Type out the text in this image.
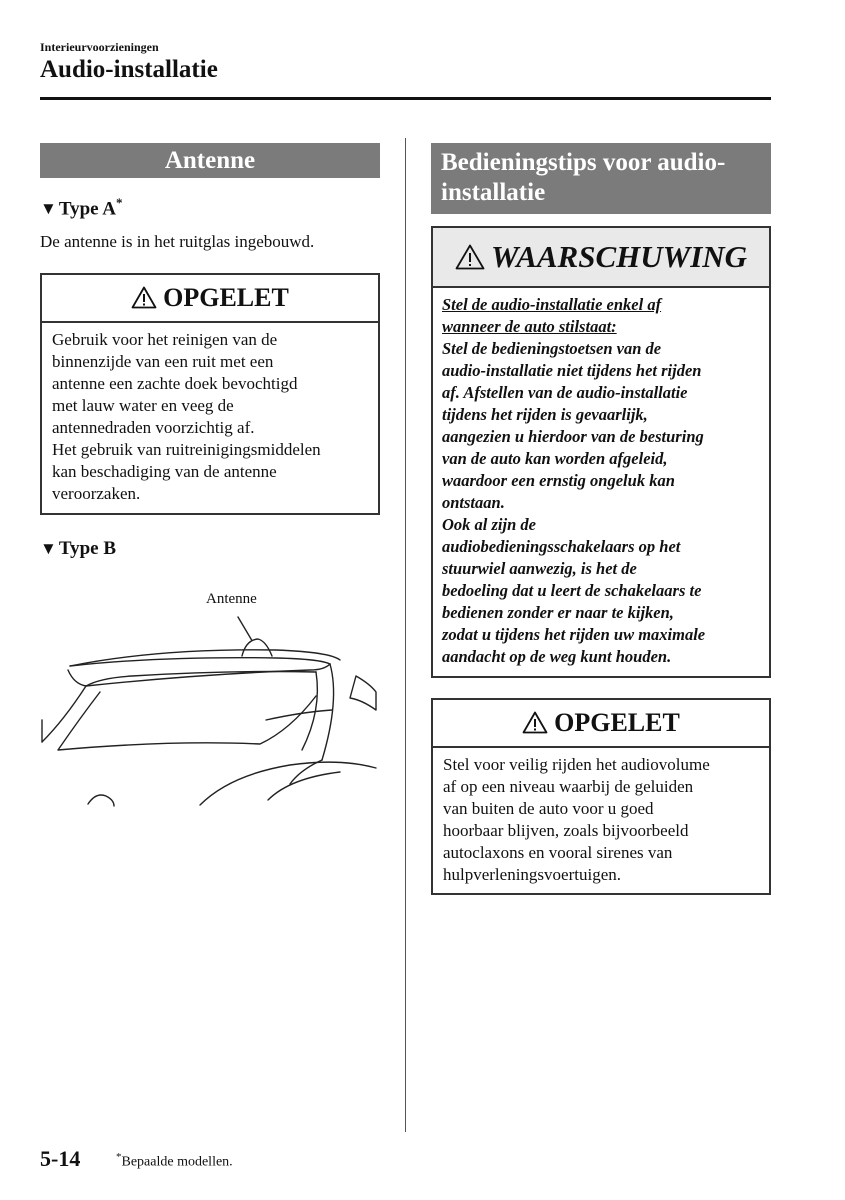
Interieurvoorzieningen
Audio-installatie
Antenne
▼ Type A*
De antenne is in het ruitglas ingebouwd.
OPGELET
Gebruik voor het reinigen van de
binnenzijde van een ruit met een
antenne een zachte doek bevochtigd
met lauw water en veeg de
antennedraden voorzichtig af.
Het gebruik van ruitreinigingsmiddelen
kan beschadiging van de antenne
veroorzaken.
▼ Type B
Antenne
Bedieningstips voor audio-installatie
WAARSCHUWING
Stel de audio-installatie enkel af
wanneer de auto stilstaat:
Stel de bedieningstoetsen van de
audio-installatie niet tijdens het rijden
af. Afstellen van de audio-installatie
tijdens het rijden is gevaarlijk,
aangezien u hierdoor van de besturing
van de auto kan worden afgeleid,
waardoor een ernstig ongeluk kan
ontstaan.
Ook al zijn de
audiobedieningsschakelaars op het
stuurwiel aanwezig, is het de
bedoeling dat u leert de schakelaars te
bedienen zonder er naar te kijken,
zodat u tijdens het rijden uw maximale
aandacht op de weg kunt houden.
OPGELET
Stel voor veilig rijden het audiovolume
af op een niveau waarbij de geluiden
van buiten de auto voor u goed
hoorbaar blijven, zoals bijvoorbeeld
autoclaxons en vooral sirenes van
hulpverleningsvoertuigen.
5-14	*Bepaalde modellen.
